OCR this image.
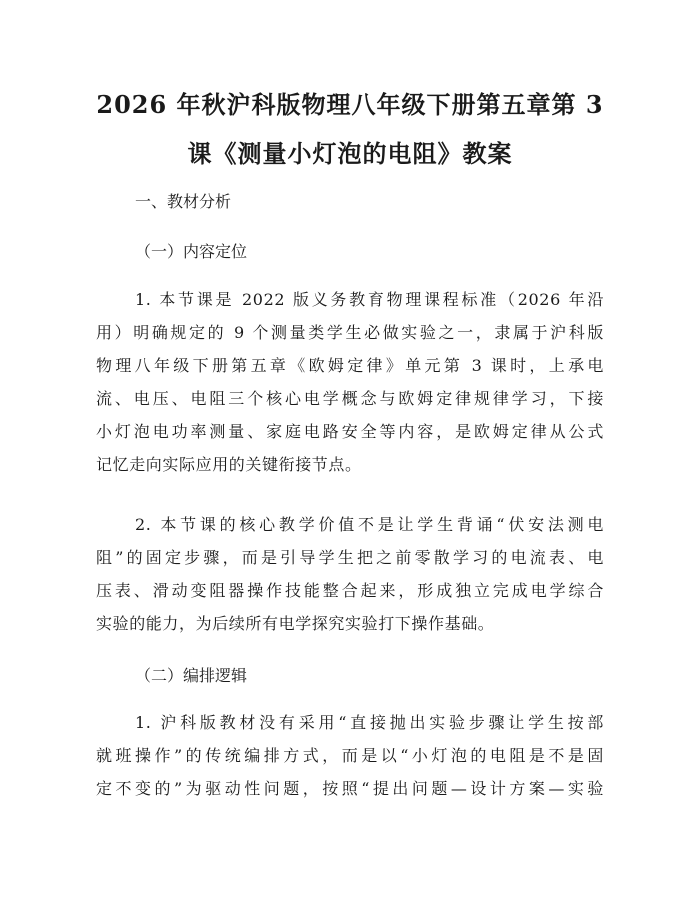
2026 年秋沪科版物理八年级下册第五章第 3
课《测量小灯泡的电阻》教案
一、教材分析
（一）内容定位
1. 本节课是 2022 版义务教育物理课程标准（2026 年沿
用）明确规定的 9 个测量类学生必做实验之一，隶属于沪科版
物理八年级下册第五章《欧姆定律》单元第 3 课时，上承电
流、电压、电阻三个核心电学概念与欧姆定律规律学习，下接
小灯泡电功率测量、家庭电路安全等内容，是欧姆定律从公式
记忆走向实际应用的关键衔接节点。
2. 本节课的核心教学价值不是让学生背诵“伏安法测电
阻”的固定步骤，而是引导学生把之前零散学习的电流表、电
压表、滑动变阻器操作技能整合起来，形成独立完成电学综合
实验的能力，为后续所有电学探究实验打下操作基础。
（二）编排逻辑
1. 沪科版教材没有采用“直接抛出实验步骤让学生按部
就班操作”的传统编排方式，而是以“小灯泡的电阻是不是固
定不变的”为驱动性问题，按照“提出问题—设计方案—实验
